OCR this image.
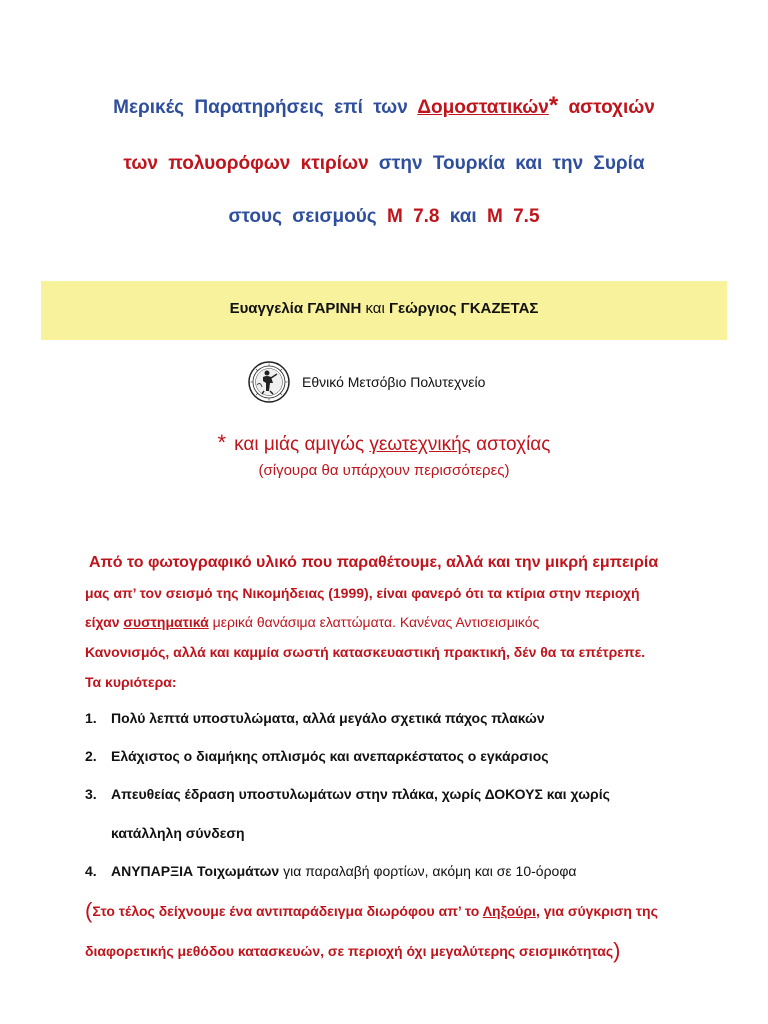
Μερικές Παρατηρήσεις επί των Δομοστατικών* αστοχιών
των πολυορόφων κτιρίων στην Τουρκία και την Συρία
στους σεισμούς Μ 7.8 και Μ 7.5
Ευαγγελία ΓΑΡΙΝΗ και Γεώργιος ΓΚΑΖΕΤΑΣ
Εθνικό Μετσόβιο Πολυτεχνείο
* και μιάς αμιγώς γεωτεχνικής αστοχίας
(σίγουρα θα υπάρχουν περισσότερες)
Από το φωτογραφικό υλικό που παραθέτουμε, αλλά και την μικρή εμπειρία
μας απ’ τον σεισμό της Νικομήδειας (1999), είναι φανερό ότι τα κτίρια στην περιοχή
είχαν συστηματικά μερικά θανάσιμα ελαττώματα. Κανένας Αντισεισμικός
Κανονισμός, αλλά και καμμία σωστή κατασκευαστική πρακτική, δέν θα τα επέτρεπε.
Τα κυριότερα:
1. Πολύ λεπτά υποστυλώματα, αλλά μεγάλο σχετικά πάχος πλακών
2. Ελάχιστος ο διαμήκης οπλισμός και ανεπαρκέστατος ο εγκάρσιος
3. Απευθείας έδραση υποστυλωμάτων στην πλάκα, χωρίς ΔΟΚΟΥΣ και χωρίς
κατάλληλη σύνδεση
4. ΑΝΥΠΑΡΞΙΑ Τοιχωμάτων για παραλαβή φορτίων, ακόμη και σε 10-όροφα
(Στο τέλος δείχνουμε ένα αντιπαράδειγμα διωρόφου απ’ το Ληξούρι, για σύγκριση της
διαφορετικής μεθόδου κατασκευών, σε περιοχή όχι μεγαλύτερης σεισμικότητας)
